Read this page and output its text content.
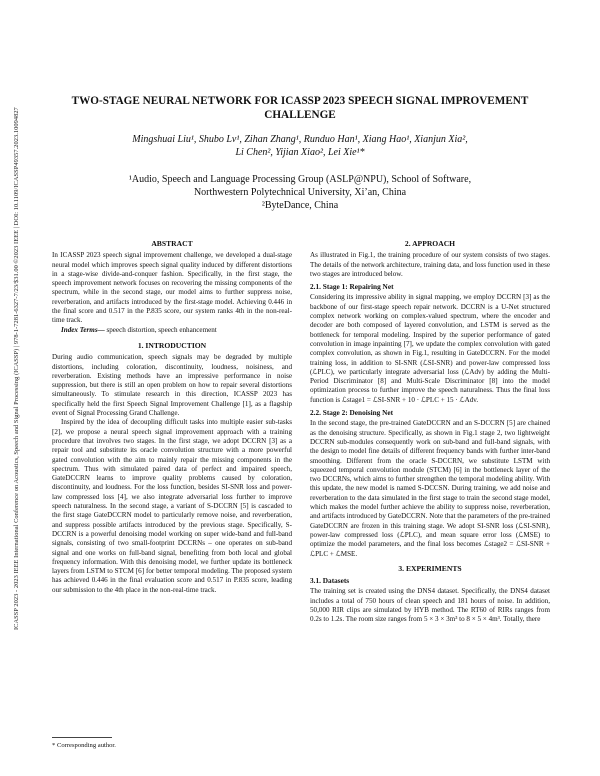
ICASSP 2023 - 2023 IEEE International Conference on Acoustics, Speech and Signal Processing (ICASSP) | 978-1-7281-6327-7/23/$31.00 ©2023 IEEE | DOI: 10.1109/ICASSP49357.2023.10094827
TWO-STAGE NEURAL NETWORK FOR ICASSP 2023 SPEECH SIGNAL IMPROVEMENT CHALLENGE
Mingshuai Liu¹, Shubo Lv¹, Zihan Zhang¹, Runduo Han¹, Xiang Hao¹, Xianjun Xia²,
Li Chen², Yijian Xiao², Lei Xie¹*
¹Audio, Speech and Language Processing Group (ASLP@NPU), School of Software,
Northwestern Polytechnical University, Xi’an, China
²ByteDance, China
ABSTRACT

In ICASSP 2023 speech signal improvement challenge, we developed a dual-stage neural model which improves speech signal quality induced by different distortions in a stage-wise divide-and-conquer fashion. Specifically, in the first stage, the speech improvement network focuses on recovering the missing components of the spectrum, while in the second stage, our model aims to further suppress noise, reverberation, and artifacts introduced by the first-stage model. Achieving 0.446 in the final score and 0.517 in the P.835 score, our system ranks 4th in the non-real-time track.

Index Terms— speech distortion, speech enhancement

1. INTRODUCTION

During audio communication, speech signals may be degraded by multiple distortions, including coloration, discontinuity, loudness, noisiness, and reverberation. Existing methods have an impressive performance in noise suppression, but there is still an open problem on how to repair several distortions simultaneously. To stimulate research in this direction, ICASSP 2023 has specifically held the first Speech Signal Improvement Challenge [1], as a flagship event of Signal Processing Grand Challenge.

Inspired by the idea of decoupling difficult tasks into multiple easier sub-tasks [2], we propose a neural speech signal improvement approach with a training procedure that involves two stages. In the first stage, we adopt DCCRN [3] as a repair tool and substitute its oracle convolution structure with a more powerful gated convolution with the aim to mainly repair the missing components in the spectrum. Thus with simulated paired data of perfect and impaired speech, GateDCCRN learns to improve quality problems caused by coloration, discontinuity, and loudness. For the loss function, besides SI-SNR loss and power-law compressed loss [4], we also integrate adversarial loss further to improve speech naturalness. In the second stage, a variant of S-DCCRN [5] is cascaded to the first stage GateDCCRN model to particularly remove noise, and reverberation, and suppress possible artifacts introduced by the previous stage. Specifically, S-DCCRN is a powerful denoising model working on super wide-band and full-band signals, consisting of two small-footprint DCCRNs – one operates on sub-band signal and one works on full-band signal, benefiting from both local and global frequency information. With this denoising model, we further update its bottleneck layers from LSTM to STCM [6] for better temporal modeling. The proposed system has achieved 0.446 in the final evaluation score and 0.517 in P.835 score, leading our submission to the 4th place in the non-real-time track.

* Corresponding author.
2. APPROACH

As illustrated in Fig.1, the training procedure of our system consists of two stages. The details of the network architecture, training data, and loss function used in these two stages are introduced below.

2.1. Stage 1: Repairing Net

Considering its impressive ability in signal mapping, we employ DCCRN [3] as the backbone of our first-stage speech repair network. DCCRN is a U-Net structured complex network working on complex-valued spectrum, where the encoder and decoder are both composed of layered convolution, and LSTM is served as the bottleneck for temporal modeling. Inspired by the superior performance of gated convolution in image inpainting [7], we update the complex convolution with gated complex convolution, as shown in Fig.1, resulting in GateDCCRN. For the model training loss, in addition to SI-SNR (ℒSI-SNR) and power-law compressed loss (ℒPLC), we particularly integrate adversarial loss (ℒAdv) by adding the Multi-Period Discriminator [8] and Multi-Scale Discriminator [8] into the model optimization process to further improve the speech naturalness. Thus the final loss function is ℒstage1 = ℒSI-SNR + 10 · ℒPLC + 15 · ℒAdv.

2.2. Stage 2: Denoising Net

In the second stage, the pre-trained GateDCCRN and an S-DCCRN [5] are chained as the denoising structure. Specifically, as shown in Fig.1 stage 2, two lightweight DCCRN sub-modules consequently work on sub-band and full-band signals, with the design to model fine details of different frequency bands with further inter-band smoothing. Different from the oracle S-DCCRN, we substitute LSTM with squeezed temporal convolution module (STCM) [6] in the bottleneck layer of the two DCCRNs, which aims to further strengthen the temporal modeling ability. With this update, the new model is named S-DCCSN. During training, we add noise and reverberation to the data simulated in the first stage to train the second stage model, which makes the model further achieve the ability to suppress noise, reverberation, and artifacts introduced by GateDCCRN. Note that the parameters of the pre-trained GateDCCRN are frozen in this training stage. We adopt SI-SNR loss (ℒSI-SNR), power-law compressed loss (ℒPLC), and mean square error loss (ℒMSE) to optimize the model parameters, and the final loss becomes ℒstage2 = ℒSI-SNR + ℒPLC + ℒMSE.

3. EXPERIMENTS
3.1. Datasets

The training set is created using the DNS4 dataset. Specifically, the DNS4 dataset includes a total of 750 hours of clean speech and 181 hours of noise. In addition, 50,000 RIR clips are simulated by HYB method. The RT60 of RIRs ranges from 0.2s to 1.2s. The room size ranges from 5 × 3 × 3m³ to 8 × 5 × 4m³. Totally, there
